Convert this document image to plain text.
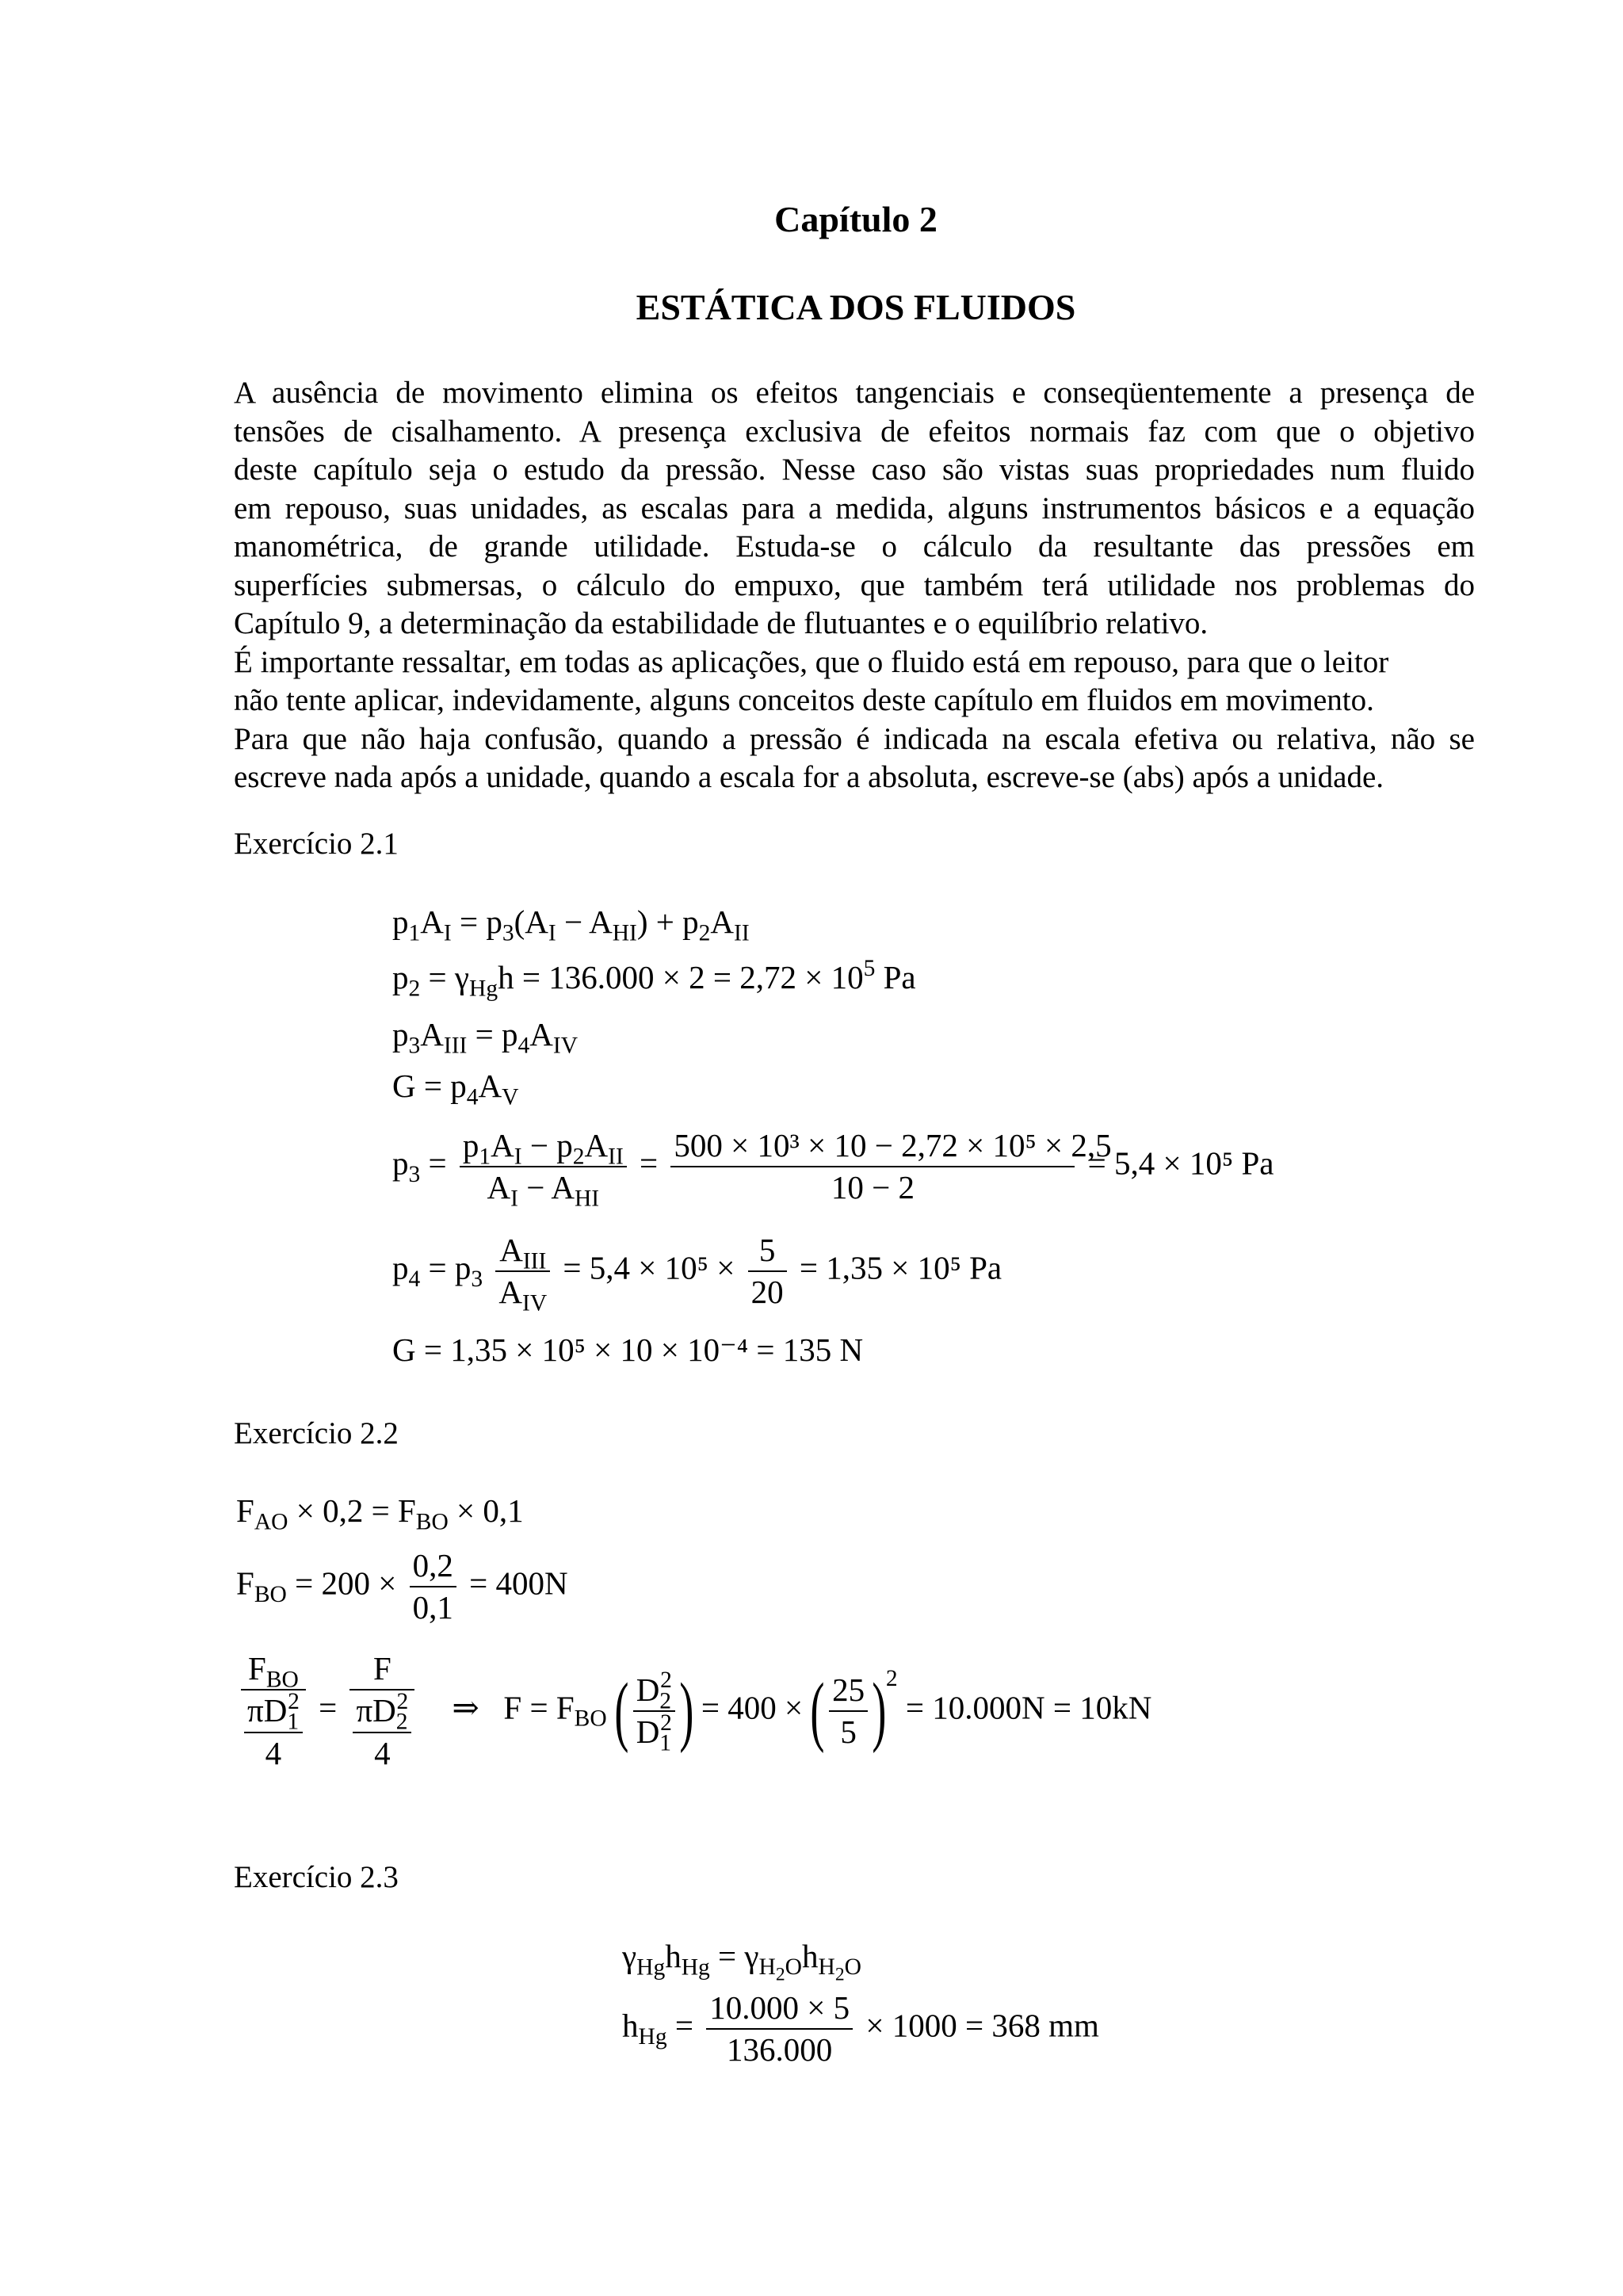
Capítulo 2
ESTÁTICA DOS FLUIDOS
A ausência de movimento elimina os efeitos tangenciais e conseqüentemente a presença de
tensões de cisalhamento. A presença exclusiva de efeitos normais faz com que o objetivo
deste capítulo seja o estudo da pressão. Nesse caso são vistas suas propriedades num fluido
em repouso, suas unidades, as escalas para a medida, alguns instrumentos básicos e a equação
manométrica, de grande utilidade. Estuda-se o cálculo da resultante das pressões em
superfícies submersas, o cálculo do empuxo, que também terá utilidade nos problemas do
Capítulo 9, a determinação da estabilidade de flutuantes e o equilíbrio relativo.
É importante ressaltar, em todas as aplicações, que o fluido está em repouso, para que o leitor
não tente aplicar, indevidamente, alguns conceitos deste capítulo em fluidos em movimento.
Para que não haja confusão, quando a pressão é indicada na escala efetiva ou relativa, não se
escreve nada após a unidade, quando a escala for a absoluta, escreve-se (abs) após a unidade.
Exercício 2.1
$p_1A_I = p_3(A_I - A_{HI}) + p_2A_{II}$
$p_2 = \gamma_{Hg}h = 136.000 \times 2 = 2,72 \times 10^5$ Pa
$p_3A_{III} = p_4A_{IV}$
$G = p_4A_V$
$p_3 = \frac{p_1A_I - p_2A_{II}}{A_I - A_{HI}} = \frac{\text{500 × 10³ × 10 − 2,72 × 10⁵ × 2,5}}{10 - 2} = 5,4 \times 10^5$ Pa
$p_4 = p_3 \frac{A_{III}}{A_{IV}} = 5,4 \times 10^5 \times \frac{5}{20} = 1,35 \times 10^5$ Pa
G = 1,35 × 10⁵ × 10 × 10⁻⁴ = 135 N
Exercício 2.2
$F_{AO} \times 0,2 = F_{BO} \times 0,1$
$F_{BO} = 200 \times \frac{0,2}{0,1} = 400N$
$\frac{F_{BO}}{\frac{\pi D_1^2}{4}} = \frac{F}{\frac{\pi D_2^2}{4}}$ ⇒   $F = F_{BO}$ ( $\frac{D_2^2}{D_1^2}$ ) = 400 × ( $\frac{25}{5} )^2 = 10.000N = 10kN$
Exercício 2.3
$\gamma_{Hg}h_{Hg} = \gamma_{H_2O}h_{H_2O}$
$h_{Hg} = \frac{10.000 \times 5}{136.000} \times 1000 = 368$ mm
